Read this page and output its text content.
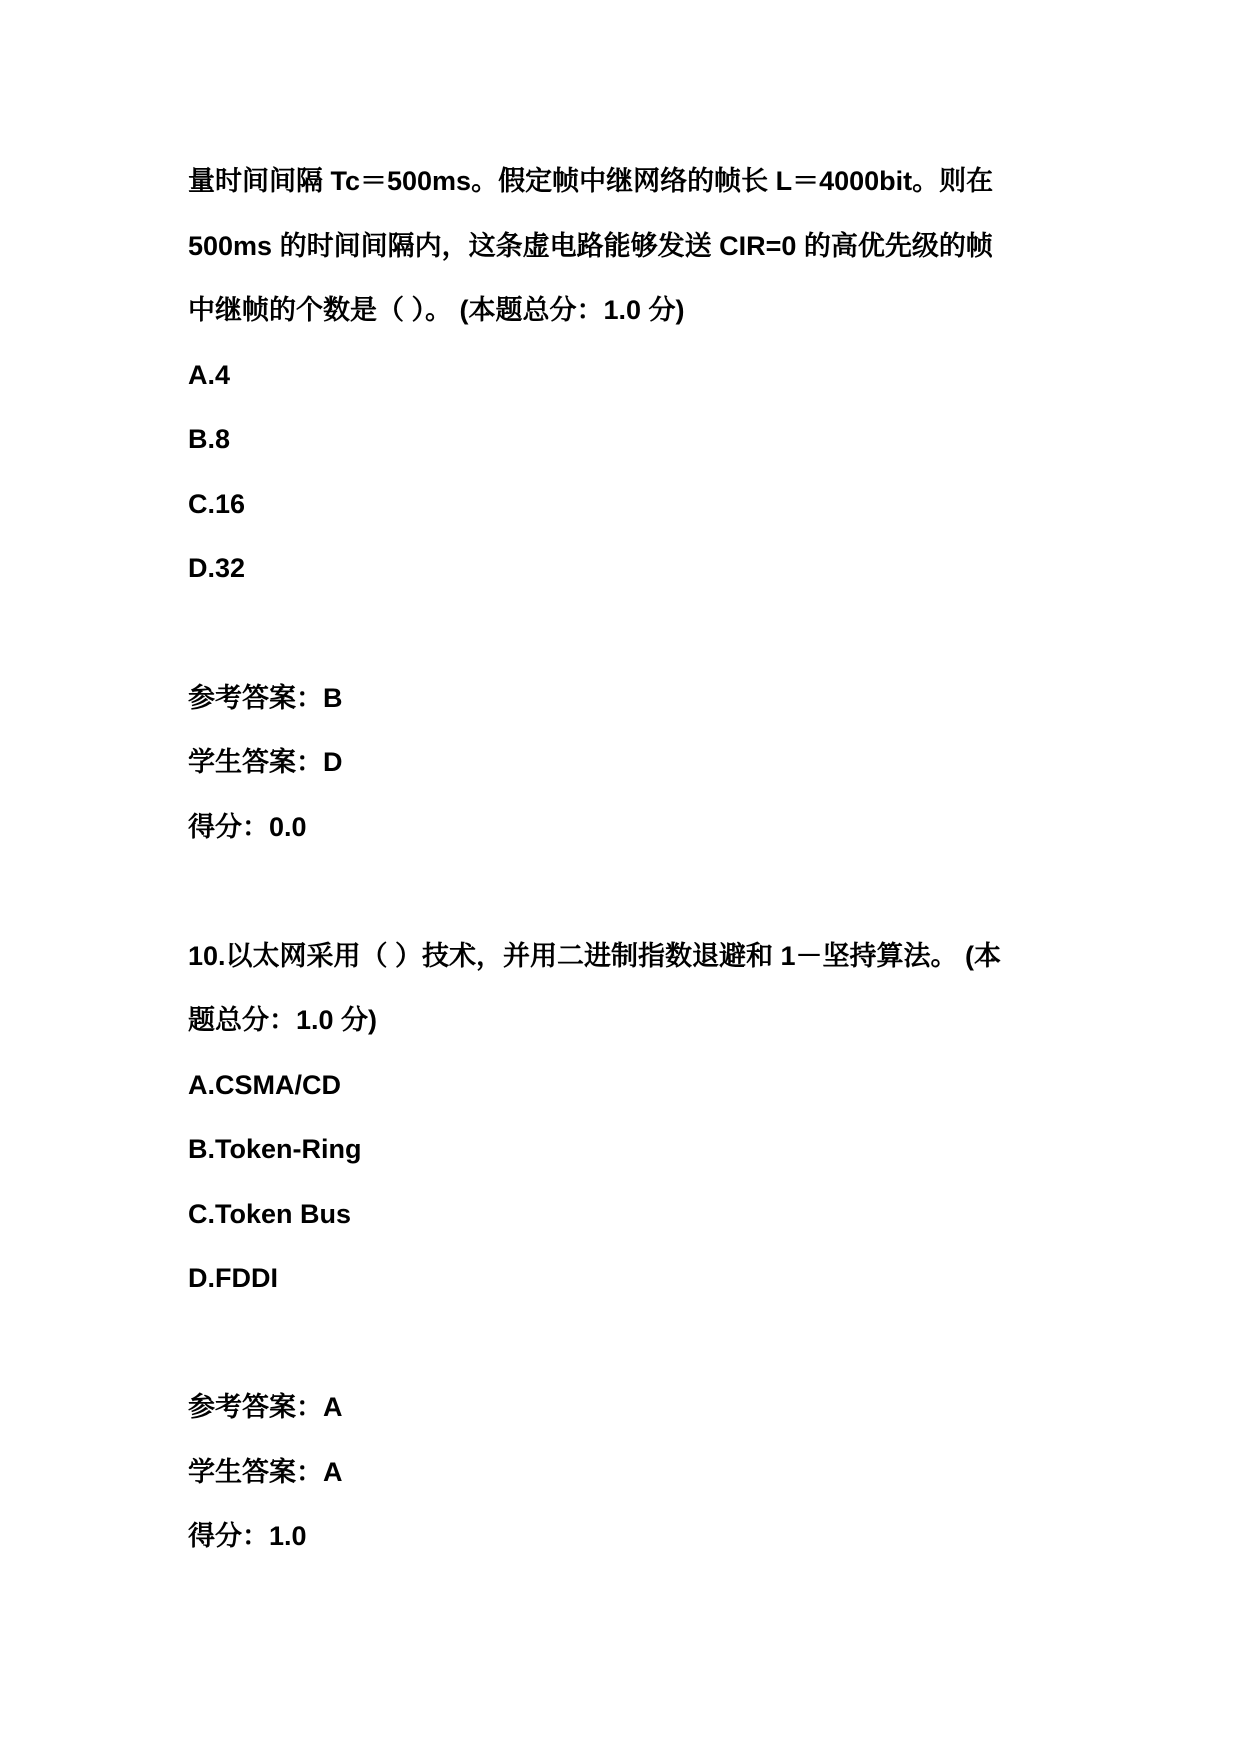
量时间间隔 Tc＝500ms。假定帧中继网络的帧长 L＝4000bit。则在
500ms 的时间间隔内，这条虚电路能够发送 CIR=0 的高优先级的帧
中继帧的个数是（ ）。 (本题总分：1.0 分)
A.4
B.8
C.16
D.32
参考答案：B
学生答案：D
得分：0.0
10.以太网采用（ ）技术，并用二进制指数退避和 1－坚持算法。 (本
题总分：1.0 分)
A.CSMA/CD
B.Token-Ring
C.Token Bus
D.FDDI
参考答案：A
学生答案：A
得分：1.0
